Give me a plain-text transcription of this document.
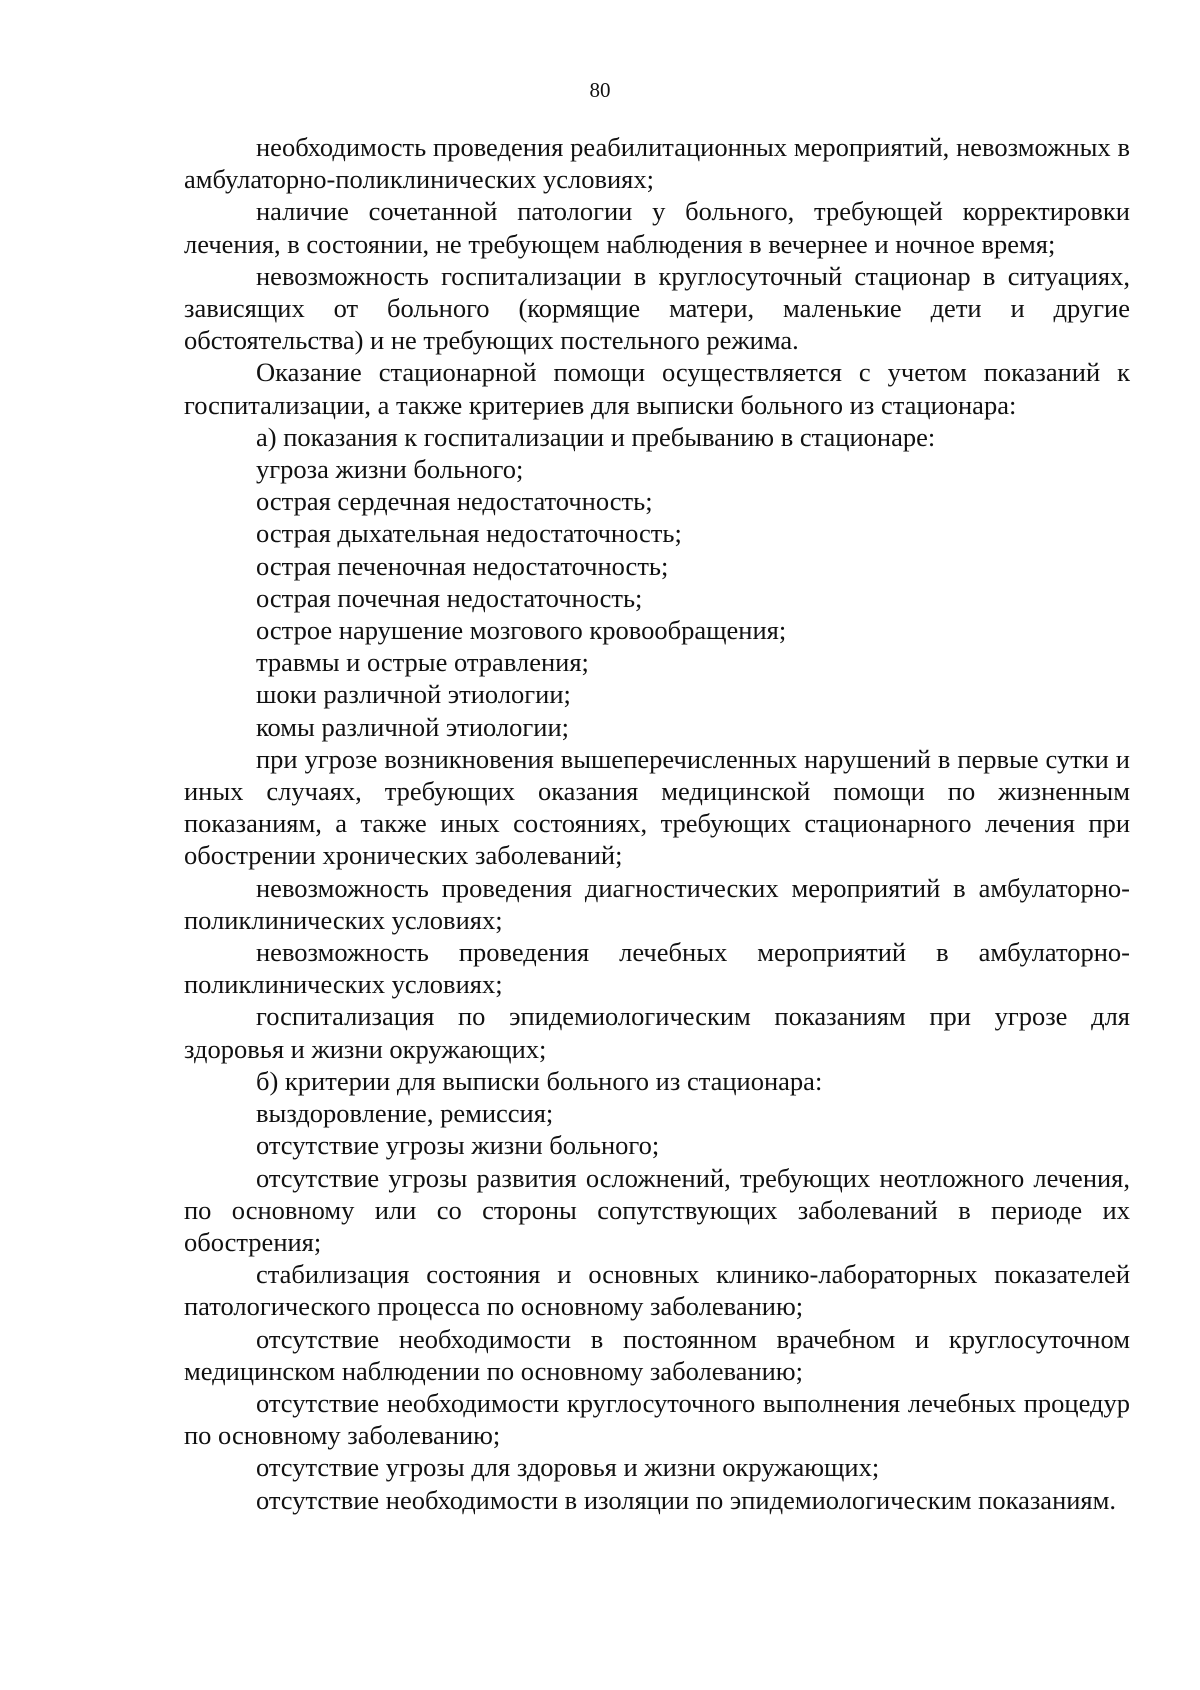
80

необходимость проведения реабилитационных мероприятий, невозможных в амбулаторно-поликлинических условиях;

наличие сочетанной патологии у больного, требующей корректировки лечения, в состоянии, не требующем наблюдения в вечернее и ночное время;

невозможность госпитализации в круглосуточный стационар в ситуациях, зависящих от больного (кормящие матери, маленькие дети и другие обстоятельства) и не требующих постельного режима.

Оказание стационарной помощи осуществляется с учетом показаний к госпитализации, а также критериев для выписки больного из стационара:

а) показания к госпитализации и пребыванию в стационаре:

угроза жизни больного;

острая сердечная недостаточность;

острая дыхательная недостаточность;

острая печеночная недостаточность;

острая почечная недостаточность;

острое нарушение мозгового кровообращения;

травмы и острые отравления;

шоки различной этиологии;

комы различной этиологии;

при угрозе возникновения вышеперечисленных нарушений в первые сутки и иных случаях, требующих оказания медицинской помощи по жизненным показаниям, а также иных состояниях, требующих стационарного лечения при обострении хронических заболеваний;

невозможность проведения диагностических мероприятий в амбулаторно-поликлинических условиях;

невозможность проведения лечебных мероприятий в амбулаторно-поликлинических условиях;

госпитализация по эпидемиологическим показаниям при угрозе для здоровья и жизни окружающих;

б) критерии для выписки больного из стационара:

выздоровление, ремиссия;

отсутствие угрозы жизни больного;

отсутствие угрозы развития осложнений, требующих неотложного лечения, по основному или со стороны сопутствующих заболеваний в периоде их обострения;

стабилизация состояния и основных клинико-лабораторных показателей патологического процесса по основному заболеванию;

отсутствие необходимости в постоянном врачебном и круглосуточном медицинском наблюдении по основному заболеванию;

отсутствие необходимости круглосуточного выполнения лечебных процедур по основному заболеванию;

отсутствие угрозы для здоровья и жизни окружающих;

отсутствие необходимости в изоляции по эпидемиологическим показаниям.
